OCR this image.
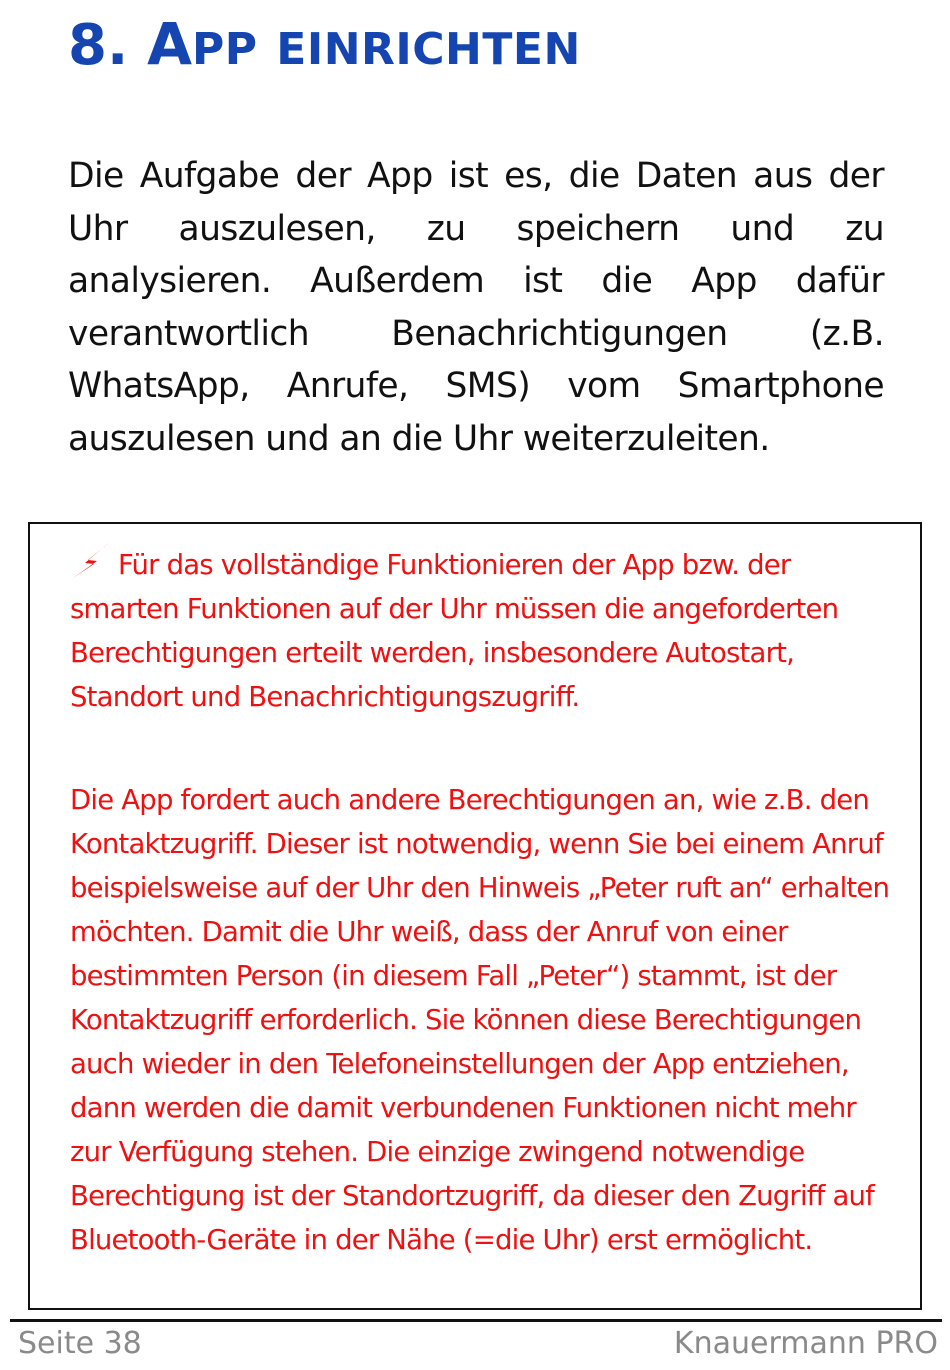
8. APP EINRICHTEN

Die Aufgabe der App ist es, die Daten aus der Uhr auszulesen, zu speichern und zu analysieren. Außerdem ist die App dafür verantwortlich Benachrichtigungen (z.B. WhatsApp, Anrufe, SMS) vom Smartphone auszulesen und an die Uhr weiterzuleiten.

Für das vollständige Funktionieren der App bzw. der smarten Funktionen auf der Uhr müssen die angeforderten Berechtigungen erteilt werden, insbesondere Autostart, Standort und Benachrichtigungszugriff.

Die App fordert auch andere Berechtigungen an, wie z.B. den Kontaktzugriff. Dieser ist notwendig, wenn Sie bei einem Anruf beispielsweise auf der Uhr den Hinweis „Peter ruft an“ erhalten möchten. Damit die Uhr weiß, dass der Anruf von einer bestimmten Person (in diesem Fall „Peter“) stammt, ist der Kontaktzugriff erforderlich. Sie können diese Berechtigungen auch wieder in den Telefoneinstellungen der App entziehen, dann werden die damit verbundenen Funktionen nicht mehr zur Verfügung stehen. Die einzige zwingend notwendige Berechtigung ist der Standortzugriff, da dieser den Zugriff auf Bluetooth-Geräte in der Nähe (=die Uhr) erst ermöglicht.

Seite 38	Knauermann PRO
